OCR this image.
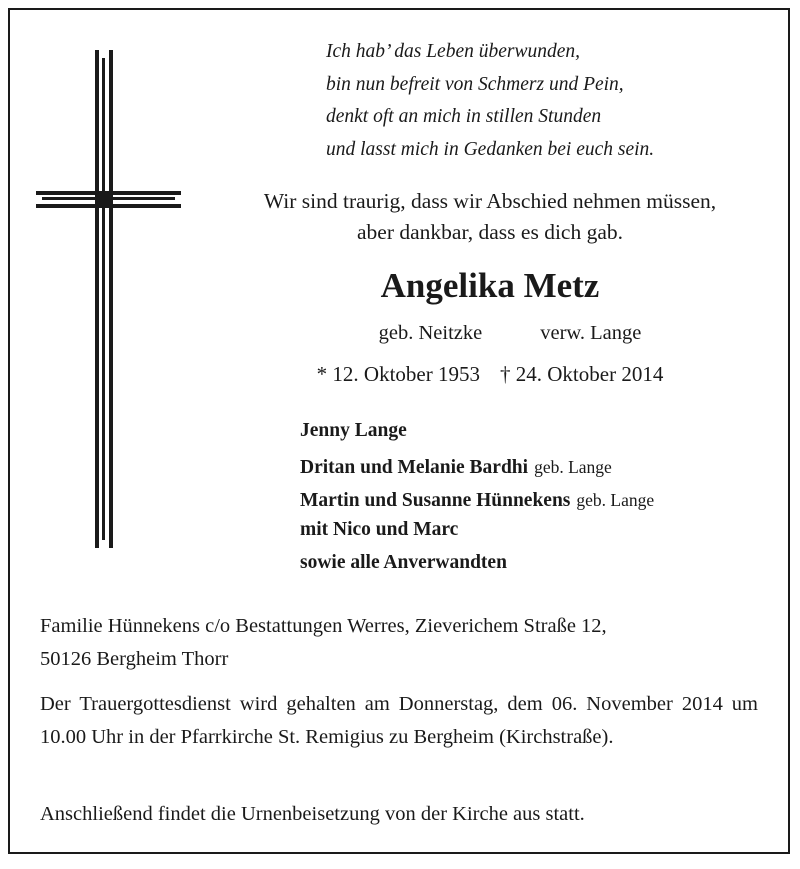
Ich hab’ das Leben überwunden,
bin nun befreit von Schmerz und Pein,
denkt oft an mich in stillen Stunden
und lasst mich in Gedanken bei euch sein.
Wir sind traurig, dass wir Abschied nehmen müssen,
aber dankbar, dass es dich gab.
Angelika Metz
geb. Neitzke	verw. Lange
* 12. Oktober 1953 † 24. Oktober 2014
Jenny Lange
Dritan und Melanie Bardhi geb. Lange
Martin und Susanne Hünnekens geb. Lange
mit Nico und Marc
sowie alle Anverwandten
Familie Hünnekens c/o Bestattungen Werres, Zieverichem Straße 12,
50126 Bergheim Thorr
Der Trauergottesdienst wird gehalten am Donnerstag, dem 06. November 2014 um 10.00 Uhr in der Pfarrkirche St. Remigius zu Bergheim (Kirchstraße).
Anschließend findet die Urnenbeisetzung von der Kirche aus statt.
